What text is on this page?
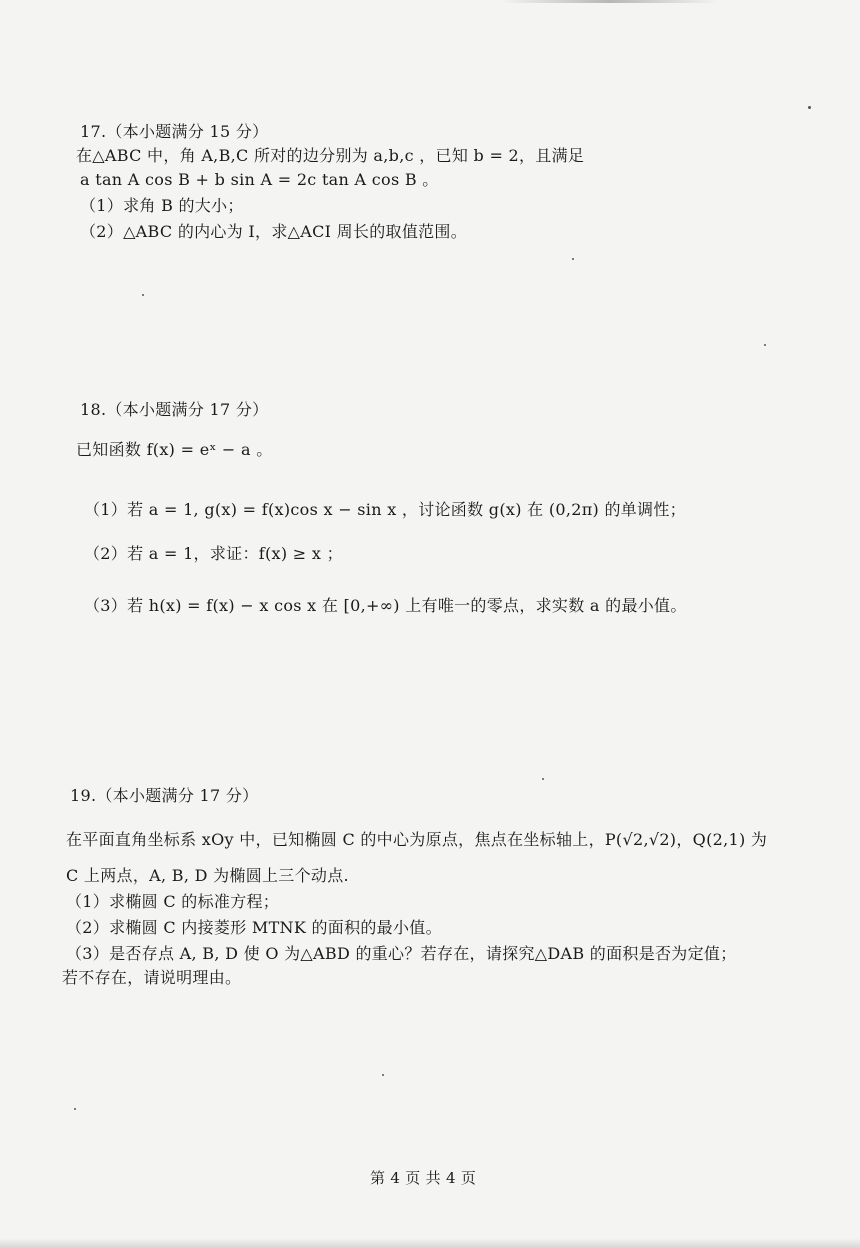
17.（本小题满分 15 分）
在△ABC 中，角 A,B,C 所对的边分别为 a,b,c ，已知 b = 2，且满足
a tan A cos B + b sin A = 2c tan A cos B 。
（1）求角 B 的大小；
（2）△ABC 的内心为 I，求△ACI 周长的取值范围。
18.（本小题满分 17 分）
已知函数 f(x) = eˣ − a 。
（1）若 a = 1, g(x) = f(x)cos x − sin x ，讨论函数 g(x) 在 (0,2π) 的单调性；
（2）若 a = 1，求证：f(x) ≥ x ；
（3）若 h(x) = f(x) − x cos x 在 [0,+∞) 上有唯一的零点，求实数 a 的最小值。
19.（本小题满分 17 分）
在平面直角坐标系 xOy 中，已知椭圆 C 的中心为原点，焦点在坐标轴上，P(√2,√2)，Q(2,1) 为
C 上两点，A, B, D 为椭圆上三个动点.
（1）求椭圆 C 的标准方程；
（2）求椭圆 C 内接菱形 MTNK 的面积的最小值。
（3）是否存点 A, B, D 使 O 为△ABD 的重心？若存在，请探究△DAB 的面积是否为定值；
若不存在，请说明理由。
第 4 页 共 4 页
